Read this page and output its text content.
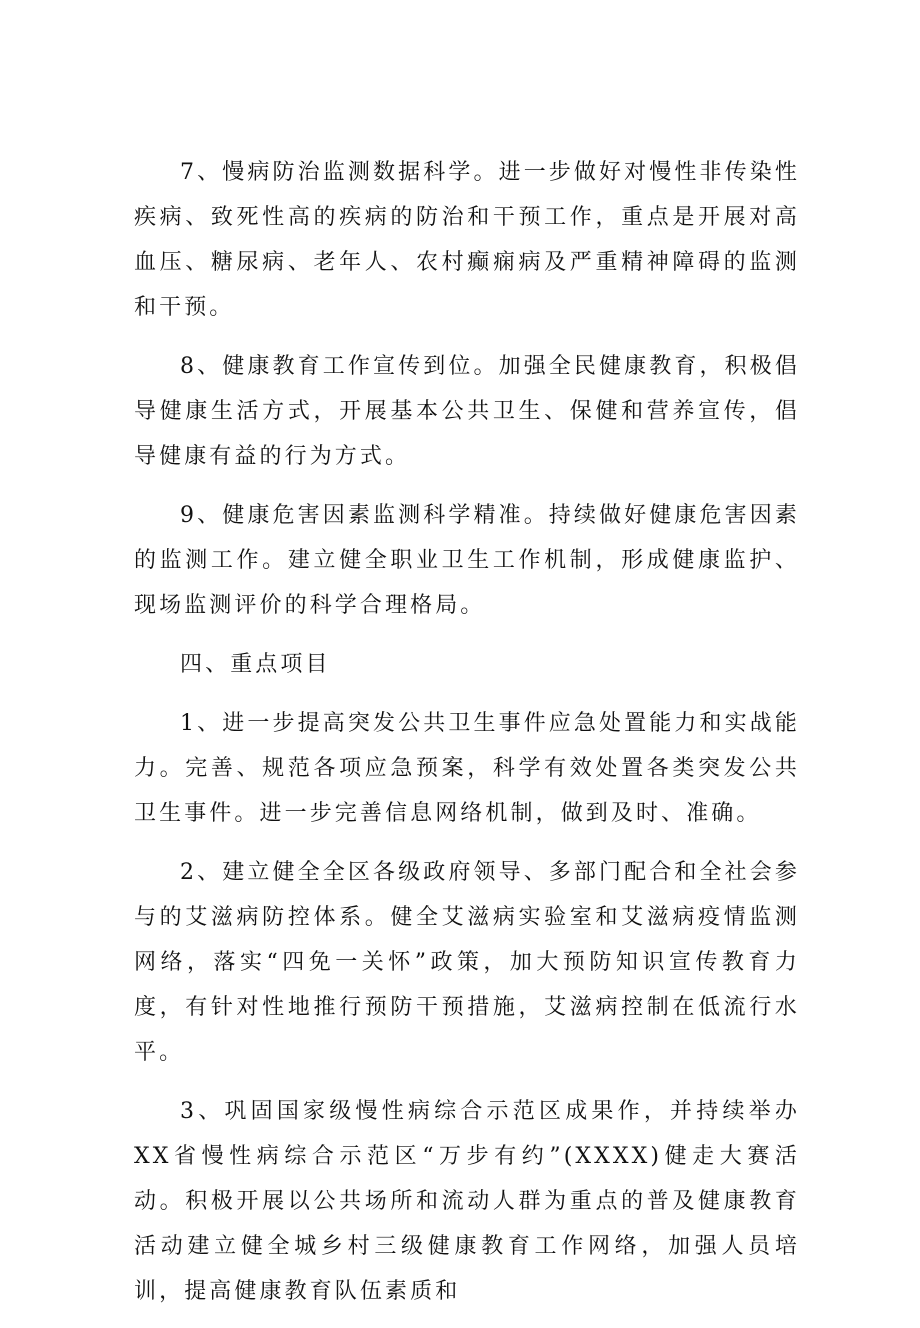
7、慢病防治监测数据科学。进一步做好对慢性非传染性疾病、致死性高的疾病的防治和干预工作，重点是开展对高血压、糖尿病、老年人、农村癫痫病及严重精神障碍的监测和干预。

8、健康教育工作宣传到位。加强全民健康教育，积极倡导健康生活方式，开展基本公共卫生、保健和营养宣传，倡导健康有益的行为方式。

9、健康危害因素监测科学精准。持续做好健康危害因素的监测工作。建立健全职业卫生工作机制，形成健康监护、现场监测评价的科学合理格局。

四、重点项目

1、进一步提高突发公共卫生事件应急处置能力和实战能力。完善、规范各项应急预案，科学有效处置各类突发公共卫生事件。进一步完善信息网络机制，做到及时、准确。

2、建立健全全区各级政府领导、多部门配合和全社会参与的艾滋病防控体系。健全艾滋病实验室和艾滋病疫情监测网络，落实“四免一关怀”政策，加大预防知识宣传教育力度，有针对性地推行预防干预措施，艾滋病控制在低流行水平。

3、巩固国家级慢性病综合示范区成果作，并持续举办XX省慢性病综合示范区“万步有约”(XXXX)健走大赛活动。积极开展以公共场所和流动人群为重点的普及健康教育活动建立健全城乡村三级健康教育工作网络，加强人员培训，提高健康教育队伍素质和
